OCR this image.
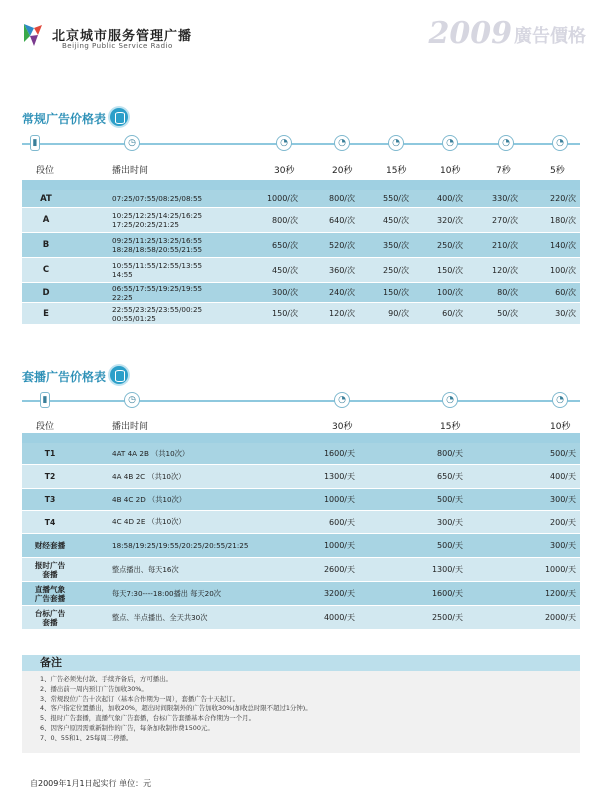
北京城市服务管理广播
Beijing Public Service Radio	2009 廣告價格
常规广告价格表
▮	◷	◔	◔	◔	◔	◔	◔
段位	播出时间	30秒	20秒	15秒	10秒	7秒	5秒
AT	07:25/07:55/08:25/08:55	1000/次	800/次	550/次	400/次	330/次	220/次
A	10:25/12:25/14:25/16:25
17:25/20:25/21:25	800/次	640/次	450/次	320/次	270/次	180/次
B	09:25/11:25/13:25/16:55
18:28/18:58/20:55/21:55	650/次	520/次	350/次	250/次	210/次	140/次
C	10:55/11:55/12:55/13:55
14:55	450/次	360/次	250/次	150/次	120/次	100/次
D	06:55/17:55/19:25/19:55
22:25	300/次	240/次	150/次	100/次	80/次	60/次
E	22:55/23:25/23:55/00:25
00:55/01:25	150/次	120/次	90/次	60/次	50/次	30/次
套播广告价格表
▮	◷	◔	◔	◔
段位	播出时间	30秒	15秒	10秒
T1	4AT 4A 2B （共10次）	1600/天	800/天	500/天
T2	4A 4B 2C （共10次）	1300/天	650/天	400/天
T3	4B 4C 2D （共10次）	1000/天	500/天	300/天
T4	4C 4D 2E （共10次）	600/天	300/天	200/天
财经套播	18:58/19:25/19:55/20:25/20:55/21:25	1000/天	500/天	300/天
报时广告
套播
整点播出、每天16次	2600/天	1300/天	1000/天
直播气象
广告套播
每天7:30----18:00播出 每天20次	3200/天	1600/天	1200/天
台标广告
套播
整点、半点播出、全天共30次	4000/天	2500/天	2000/天
备注
1、广告必须先付款、手续齐备后，方可播出。
2、播出前一周内预订广告加收30%。
3、常规段位广告十次起订（基本合作期为一周），套播广告十天起订。
4、客户指定位置播出，加收20%，超出时间限制外的广告加收30%(加收总时限不超过1分钟)。
5、报时广告套播，直播气象广告套播，台标广告套播基本合作期为一个月。
6、因客户原因需重新制作的广告，每条加收制作费1500元。
7、0、55和1、25每周二停播。
自2009年1月1日起实行 单位：元
